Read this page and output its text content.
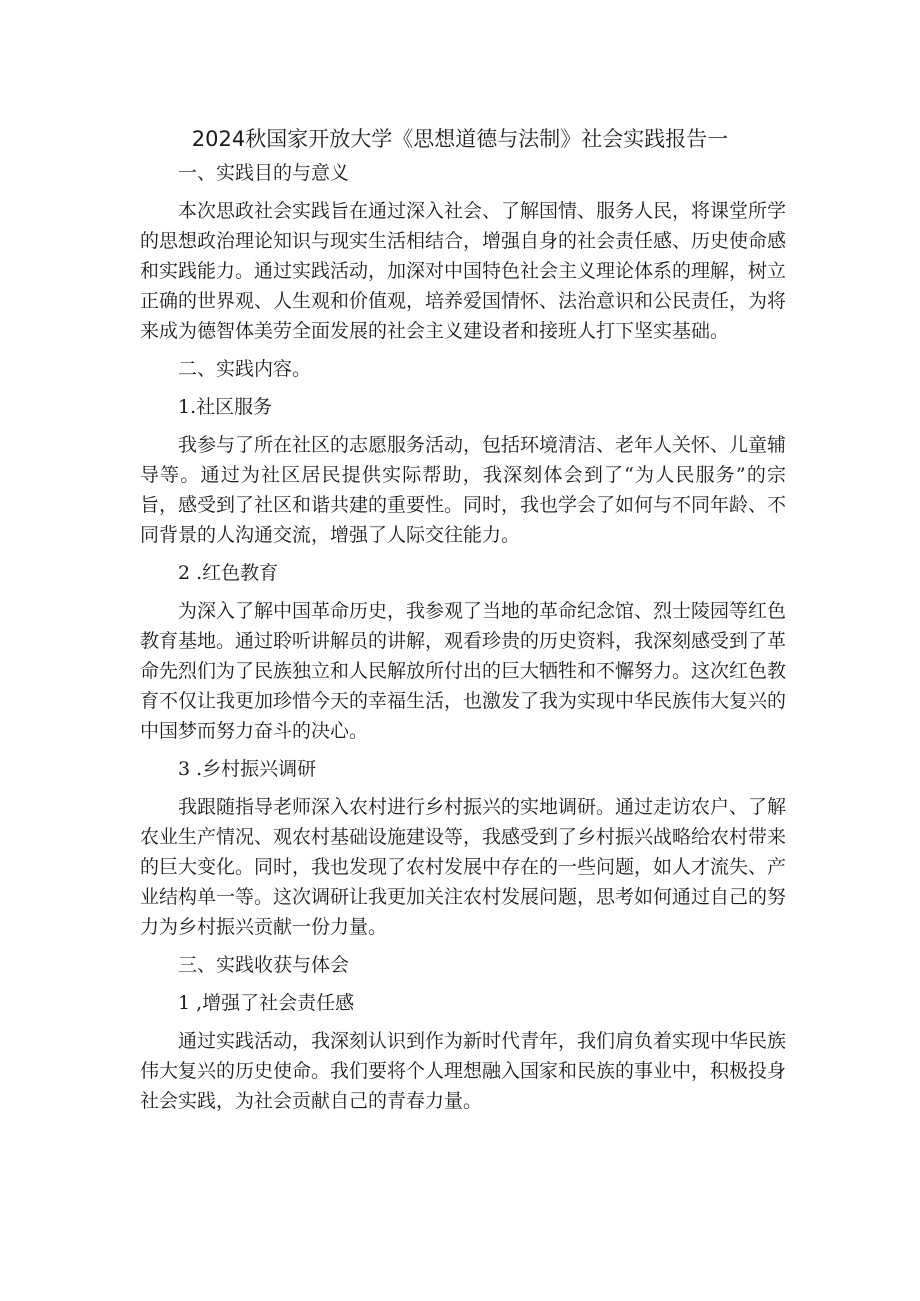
2024秋国家开放大学《思想道德与法制》社会实践报告一

一、实践目的与意义

本次思政社会实践旨在通过深入社会、了解国情、服务人民，将课堂所学的思想政治理论知识与现实生活相结合，增强自身的社会责任感、历史使命感和实践能力。通过实践活动，加深对中国特色社会主义理论体系的理解，树立正确的世界观、人生观和价值观，培养爱国情怀、法治意识和公民责任，为将来成为德智体美劳全面发展的社会主义建设者和接班人打下坚实基础。

二、实践内容。

1.社区服务

我参与了所在社区的志愿服务活动，包括环境清洁、老年人关怀、儿童辅导等。通过为社区居民提供实际帮助，我深刻体会到了“为人民服务”的宗旨，感受到了社区和谐共建的重要性。同时，我也学会了如何与不同年龄、不同背景的人沟通交流，增强了人际交往能力。

2 .红色教育

为深入了解中国革命历史，我参观了当地的革命纪念馆、烈士陵园等红色教育基地。通过聆听讲解员的讲解，观看珍贵的历史资料，我深刻感受到了革命先烈们为了民族独立和人民解放所付出的巨大牺牲和不懈努力。这次红色教育不仅让我更加珍惜今天的幸福生活，也激发了我为实现中华民族伟大复兴的中国梦而努力奋斗的决心。

3 .乡村振兴调研

我跟随指导老师深入农村进行乡村振兴的实地调研。通过走访农户、了解农业生产情况、观农村基础设施建设等，我感受到了乡村振兴战略给农村带来的巨大变化。同时，我也发现了农村发展中存在的一些问题，如人才流失、产业结构单一等。这次调研让我更加关注农村发展问题，思考如何通过自己的努力为乡村振兴贡献一份力量。

三、实践收获与体会

1 ,增强了社会责任感

通过实践活动，我深刻认识到作为新时代青年，我们肩负着实现中华民族伟大复兴的历史使命。我们要将个人理想融入国家和民族的事业中，积极投身社会实践，为社会贡献自己的青春力量。
